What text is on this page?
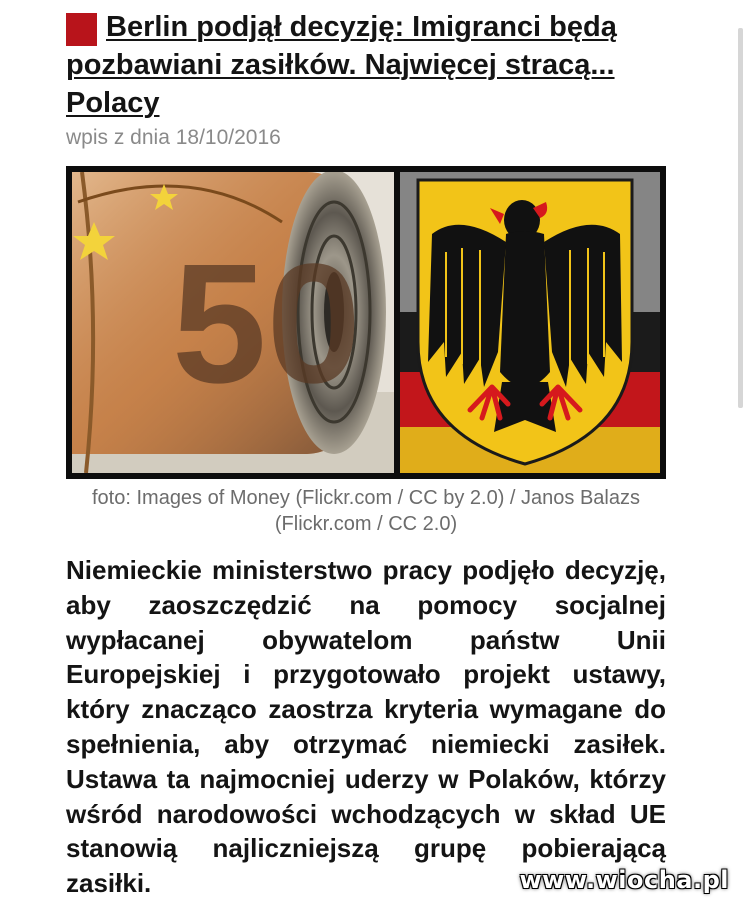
Berlin podjął decyzję: Imigranci będą
pozbawiani zasiłków. Najwięcej stracą... Polacy
wpis z dnia 18/10/2016
50

foto: Images of Money (Flickr.com / CC by 2.0) / Janos Balazs (Flickr.com / CC 2.0)

Niemieckie ministerstwo pracy podjęło decyzję, aby zaoszczędzić na pomocy socjalnej wypłacanej obywatelom państw Unii Europejskiej i przygotowało projekt ustawy, który znacząco zaostrza kryteria wymagane do spełnienia, aby otrzymać niemiecki zasiłek. Ustawa ta najmocniej uderzy w Polaków, którzy wśród narodowości wchodzących w skład UE stanowią najliczniejszą grupę pobierającą zasiłki.	www.wiocha.pl
